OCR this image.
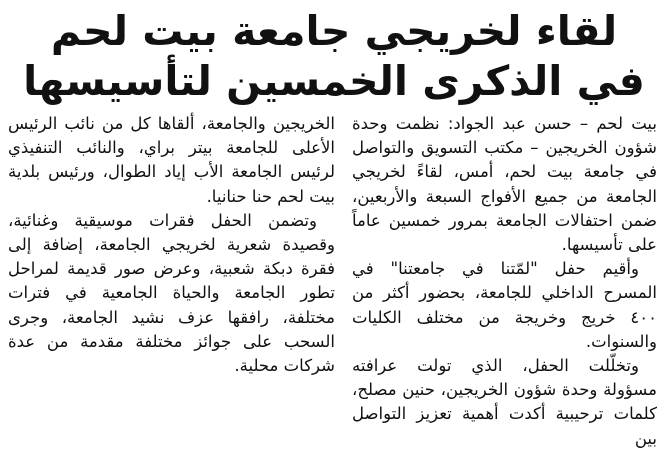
لقاء لخريجي جامعة بيت لحم
في الذكرى الخمسين لتأسيسها

بيت لحم – حسن عبد الجواد: نظمت وحدة شؤون الخريجين – مكتب التسويق والتواصل في جامعة بيت لحم، أمس، لقاءً لخريجي الجامعة من جميع الأفواج السبعة والأربعين، ضمن احتفالات الجامعة بمرور خمسين عاماً على تأسيسها.

وأقيم حفل "لمّتنا في جامعتنا" في المسرح الداخلي للجامعة، بحضور أكثر من ٤٠٠ خريج وخريجة من مختلف الكليات والسنوات.

وتخلّلت الحفل، الذي تولت عرافته مسؤولة وحدة شؤون الخريجين، حنين مصلح، كلمات ترحيبية أكدت أهمية تعزيز التواصل بين

الخريجين والجامعة، ألقاها كل من نائب الرئيس الأعلى للجامعة بيتر براي، والنائب التنفيذي لرئيس الجامعة الأب إياد الطوال، ورئيس بلدية بيت لحم حنا حنانيا.

وتضمن الحفل فقرات موسيقية وغنائية، وقصيدة شعرية لخريجي الجامعة، إضافة إلى فقرة دبكة شعبية، وعرض صور قديمة لمراحل تطور الجامعة والحياة الجامعية في فترات مختلفة، رافقها عزف نشيد الجامعة، وجرى السحب على جوائز مختلفة مقدمة من عدة شركات محلية.
